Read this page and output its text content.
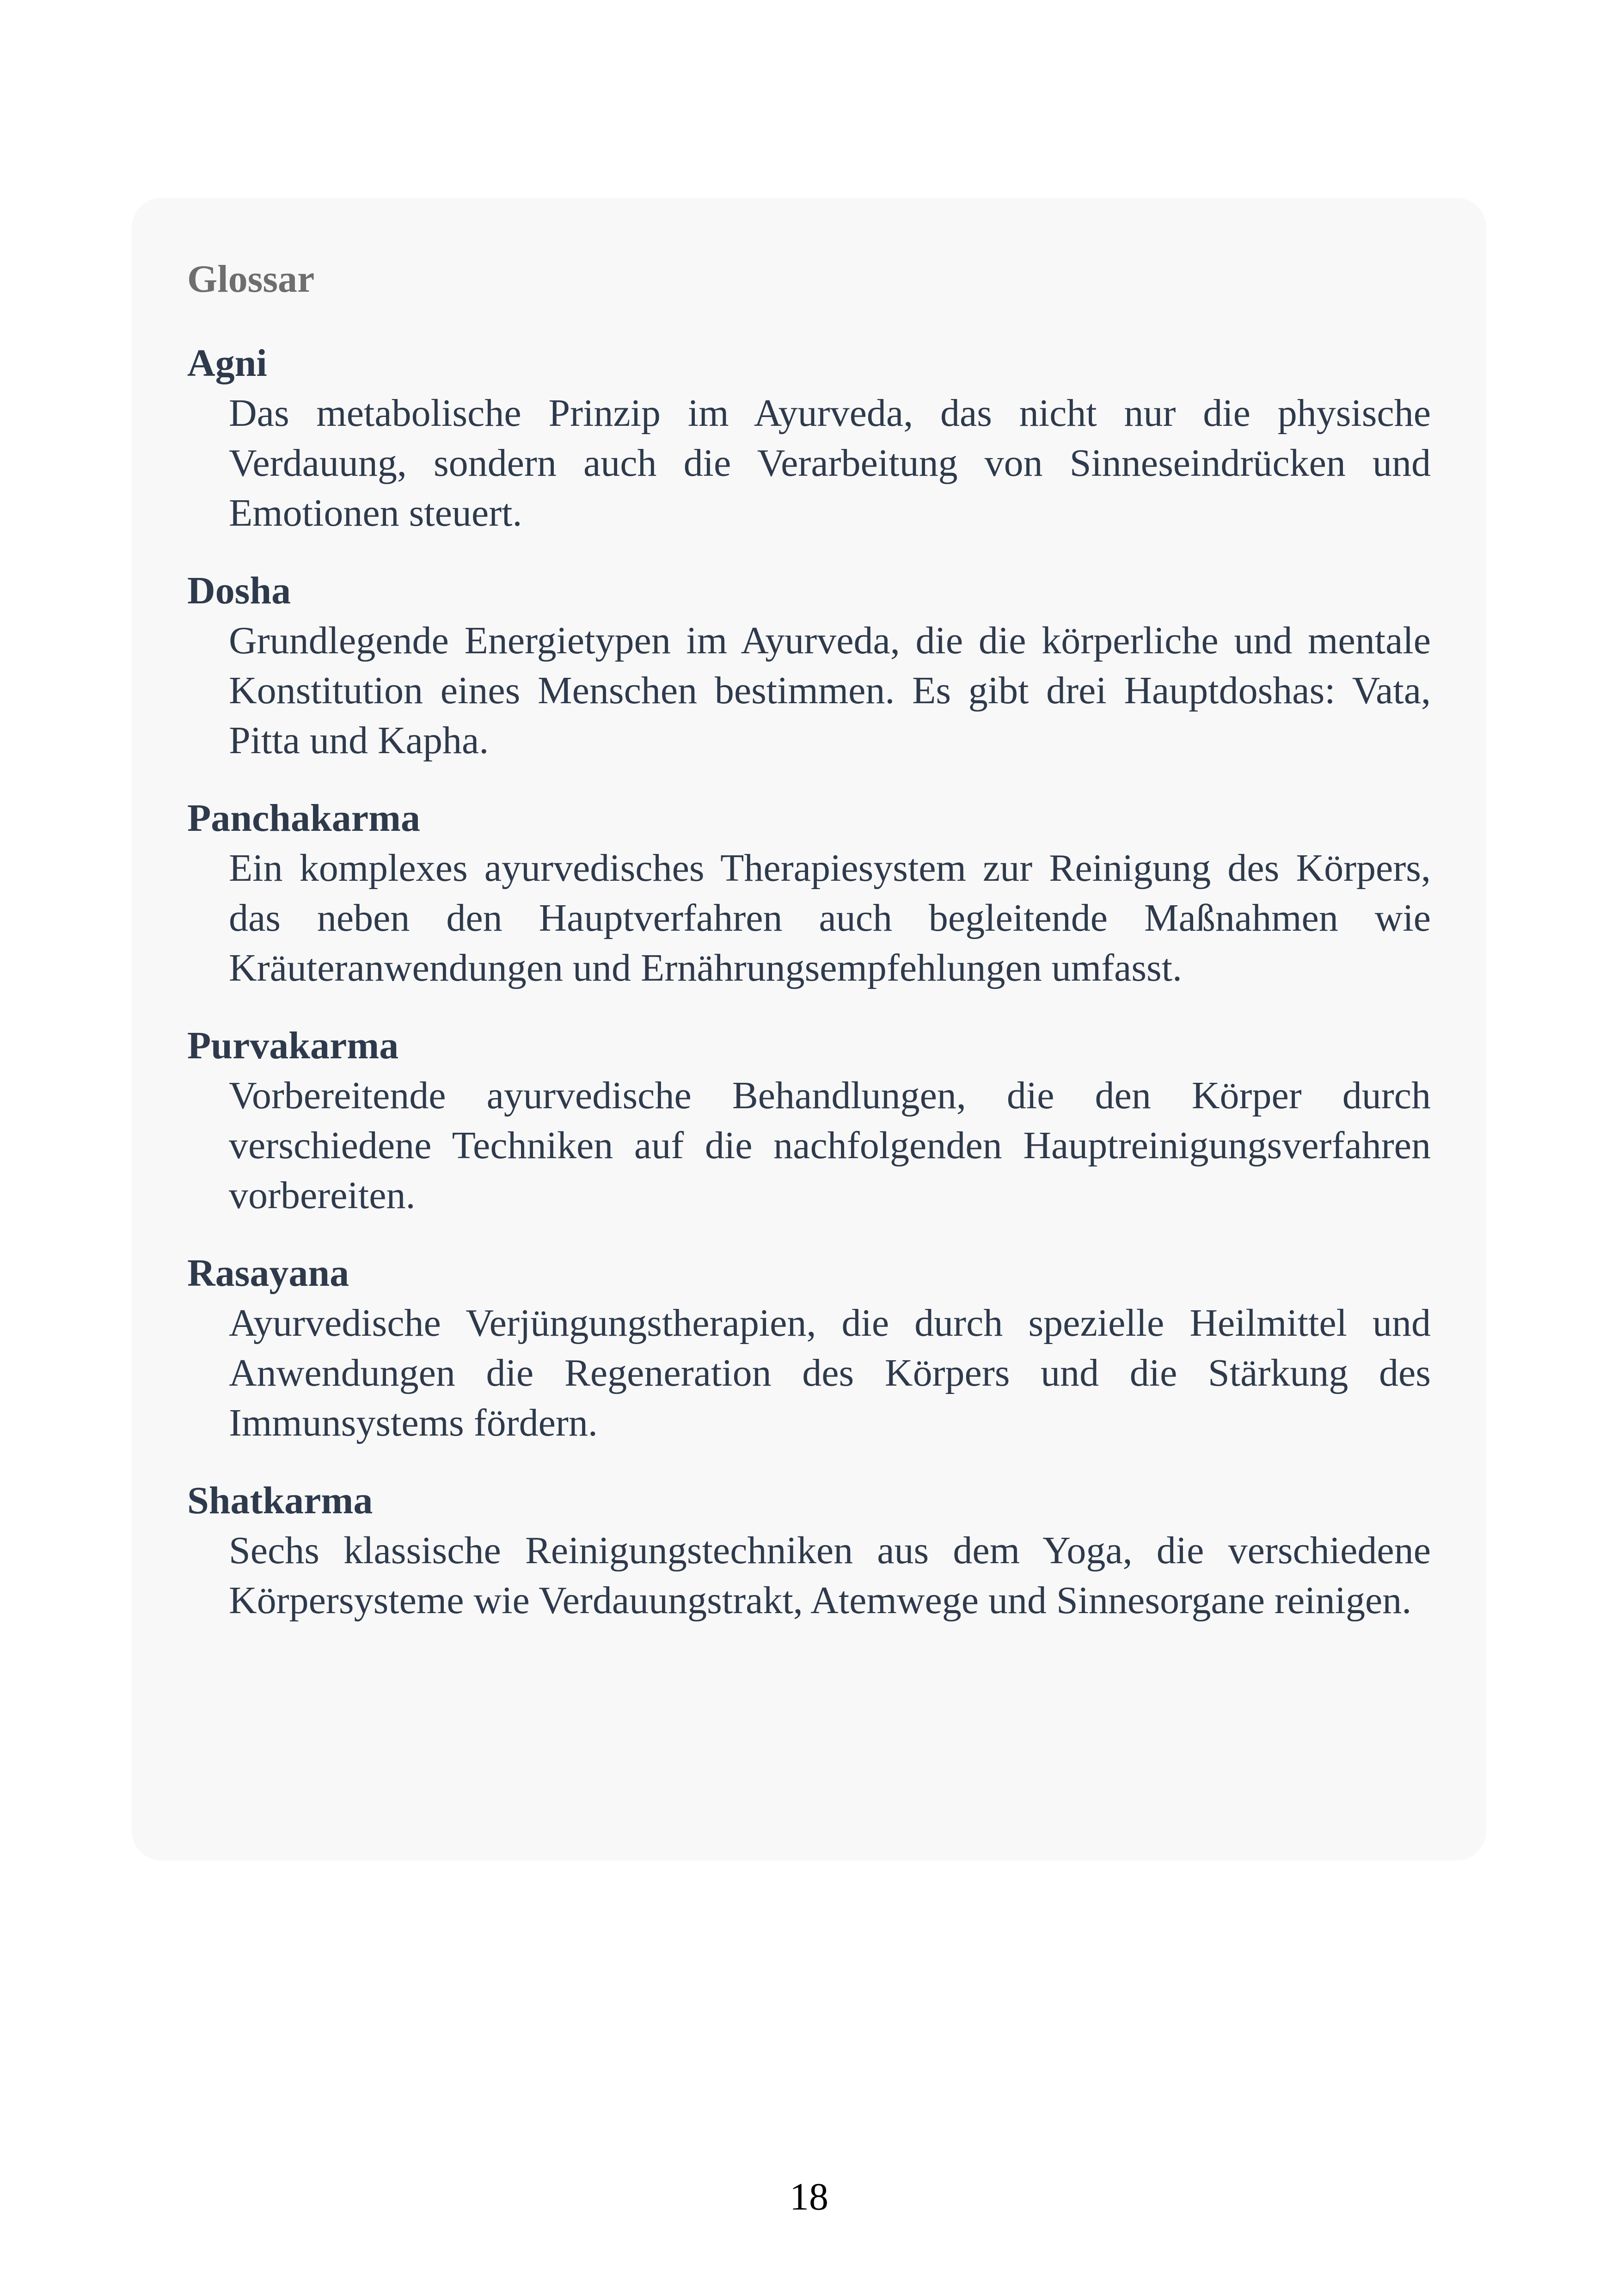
Glossar
Agni
Das metabolische Prinzip im Ayurveda, das nicht nur die physische Verdauung, sondern auch die Verarbeitung von Sinneseindrücken und Emotionen steuert.
Dosha
Grundlegende Energietypen im Ayurveda, die die körperliche und mentale Konstitution eines Menschen bestimmen. Es gibt drei Hauptdoshas: Vata, Pitta und Kapha.
Panchakarma
Ein komplexes ayurvedisches Therapiesystem zur Reinigung des Körpers, das neben den Hauptverfahren auch begleitende Maßnahmen wie Kräuteranwendungen und Ernährungsempfehlungen umfasst.
Purvakarma
Vorbereitende ayurvedische Behandlungen, die den Körper durch verschiedene Techniken auf die nachfolgenden Hauptreinigungsverfahren vorbereiten.
Rasayana
Ayurvedische Verjüngungstherapien, die durch spezielle Heilmittel und Anwendungen die Regeneration des Körpers und die Stärkung des Immunsystems fördern.
Shatkarma
Sechs klassische Reinigungstechniken aus dem Yoga, die verschiedene Körpersysteme wie Verdauungstrakt, Atemwege und Sinnesorgane reinigen.
18
